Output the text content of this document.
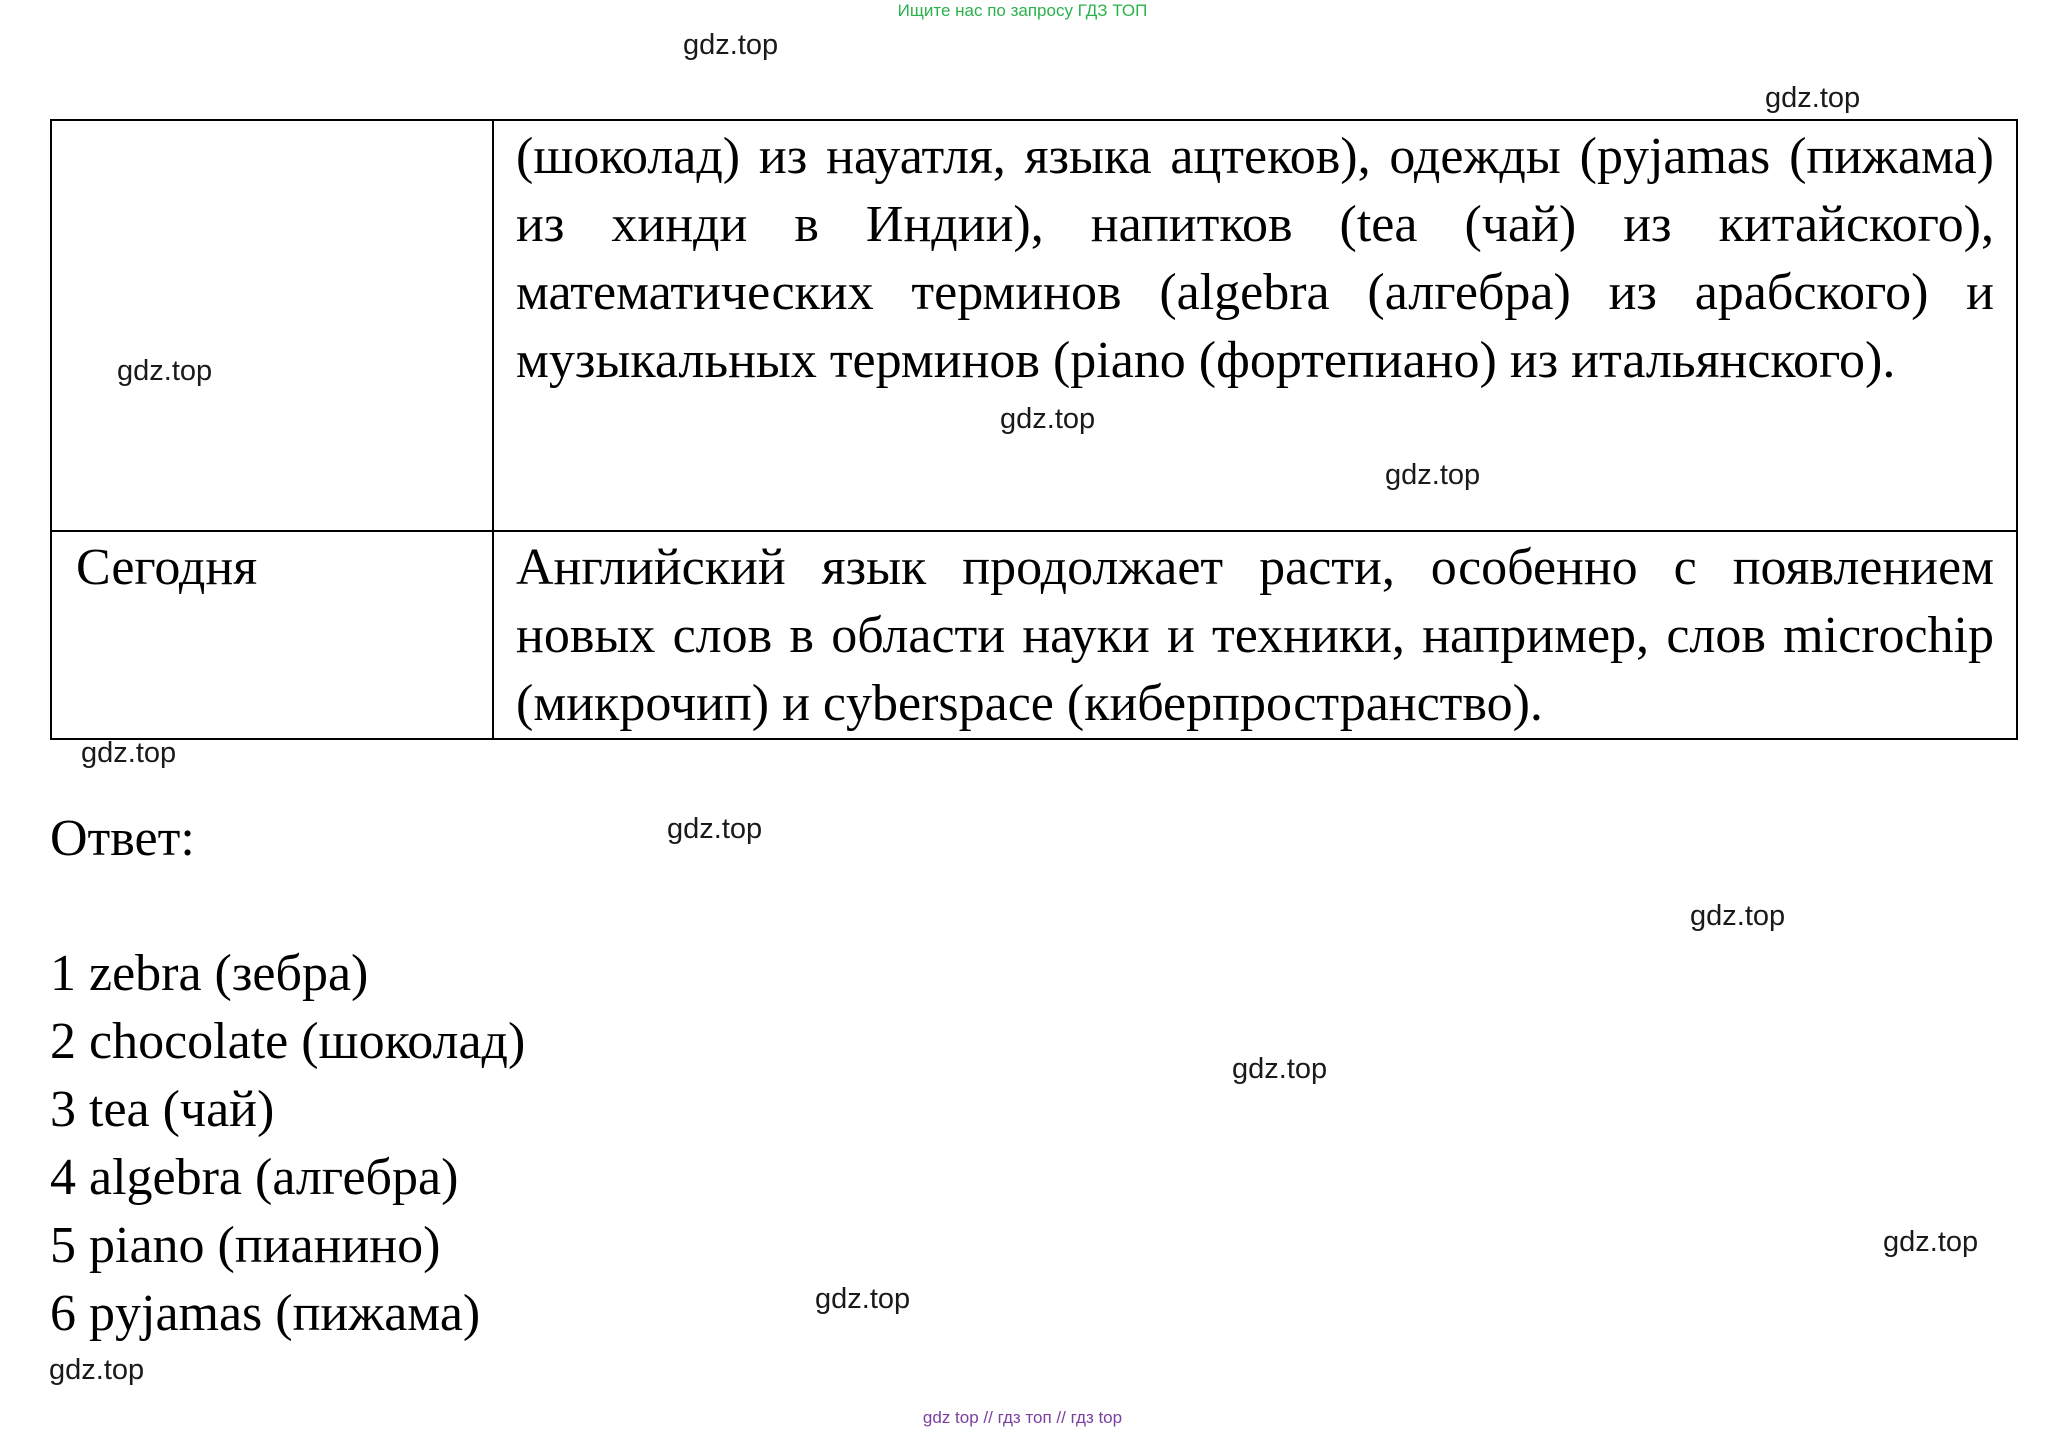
Ищите нас по запросу ГДЗ ТОП
	(шоколад) из науатля, языка ацтеков), одежды (pyjamas (пижама) из хинди в Индии), напитков (tea (чай) из китайского), математических терминов (algebra (алгебра) из арабского) и музыкальных терминов (piano (фортепиано) из итальянского).
Сегодня	Английский язык продолжает расти, особенно с появлением новых слов в области науки и техники, например, слов microchip (микрочип) и cyberspace (киберпространство).
Ответ:
1 zebra (зебра)
2 chocolate (шоколад)
3 tea (чай)
4 algebra (алгебра)
5 piano (пианино)
6 pyjamas (пижама)
gdz.top
gdz.top
gdz.top
gdz.top
gdz.top
gdz.top
gdz.top
gdz.top
gdz.top
gdz.top
gdz.top
gdz.top
gdz top // гдз топ // гдз top
